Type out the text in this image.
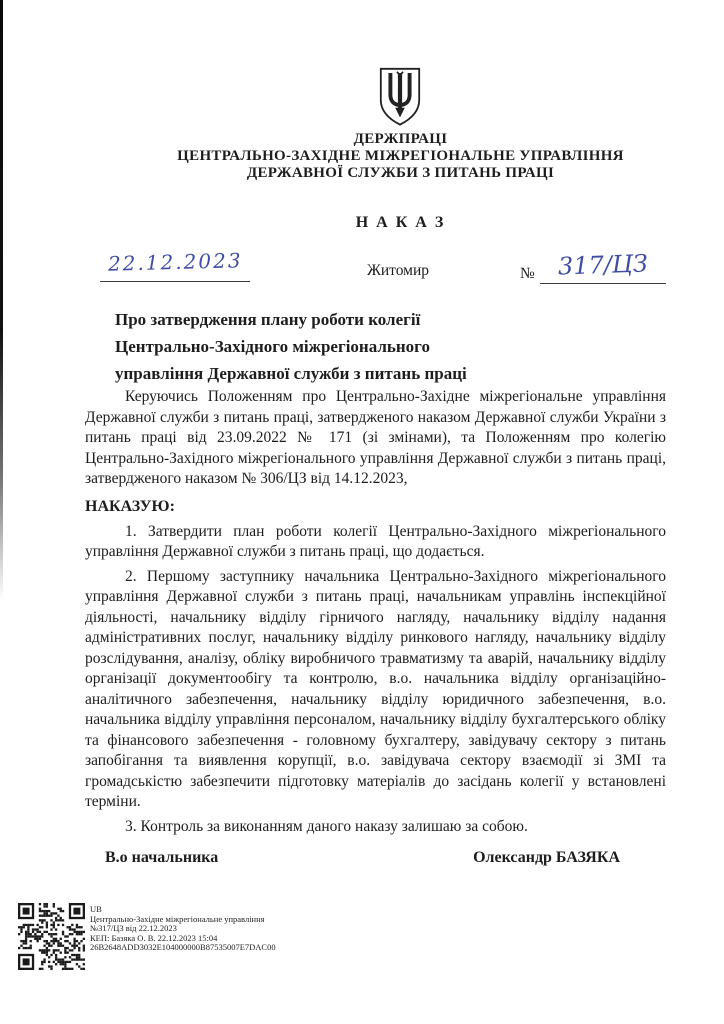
ДЕРЖПРАЦІ
ЦЕНТРАЛЬНО-ЗАХІДНЕ МІЖРЕГІОНАЛЬНЕ УПРАВЛІННЯ
ДЕРЖАВНОЇ СЛУЖБИ З ПИТАНЬ ПРАЦІ
Н А К А З
22.12.2023	Житомир	№ 317/ЦЗ
Про затвердження плану роботи колегії
Центрально-Західного міжрегіонального
управління Державної служби з питань праці

Керуючись Положенням про Центрально-Західне міжрегіональне управління Державної служби з питань праці, затвердженого наказом Державної служби України з питань праці від 23.09.2022 № 171 (зі змінами), та Положенням про колегію Центрально-Західного міжрегіонального управління Державної служби з питань праці, затвердженого наказом № 306/ЦЗ від 14.12.2023,

НАКАЗУЮ:

1. Затвердити план роботи колегії Центрально-Західного міжрегіонального управління Державної служби з питань праці, що додається.

2. Першому заступнику начальника Центрально-Західного міжрегіонального управління Державної служби з питань праці, начальникам управлінь інспекційної діяльності, начальнику відділу гірничого нагляду, начальнику відділу надання адміністративних послуг, начальнику відділу ринкового нагляду, начальнику відділу розслідування, аналізу, обліку виробничого травматизму та аварій, начальнику відділу організації документообігу та контролю, в.о. начальника відділу організаційно-аналітичного забезпечення, начальнику відділу юридичного забезпечення, в.о. начальника відділу управління персоналом, начальнику відділу бухгалтерського обліку та фінансового забезпечення - головному бухгалтеру, завідувачу сектору з питань запобігання та виявлення корупції, в.о. завідувача сектору взаємодії зі ЗМІ та громадськістю забезпечити підготовку матеріалів до засідань колегії у встановлені терміни.

3. Контроль за виконанням даного наказу залишаю за собою.

В.о начальника	Олександр БАЗЯКА
UB
Центрально-Західне міжрегіональне управління
№317/ЦЗ від 22.12.2023
КЕП: Базяка О. В. 22.12.2023 15:04
26B2648ADD3032E104000000B87535007E7DAC00
